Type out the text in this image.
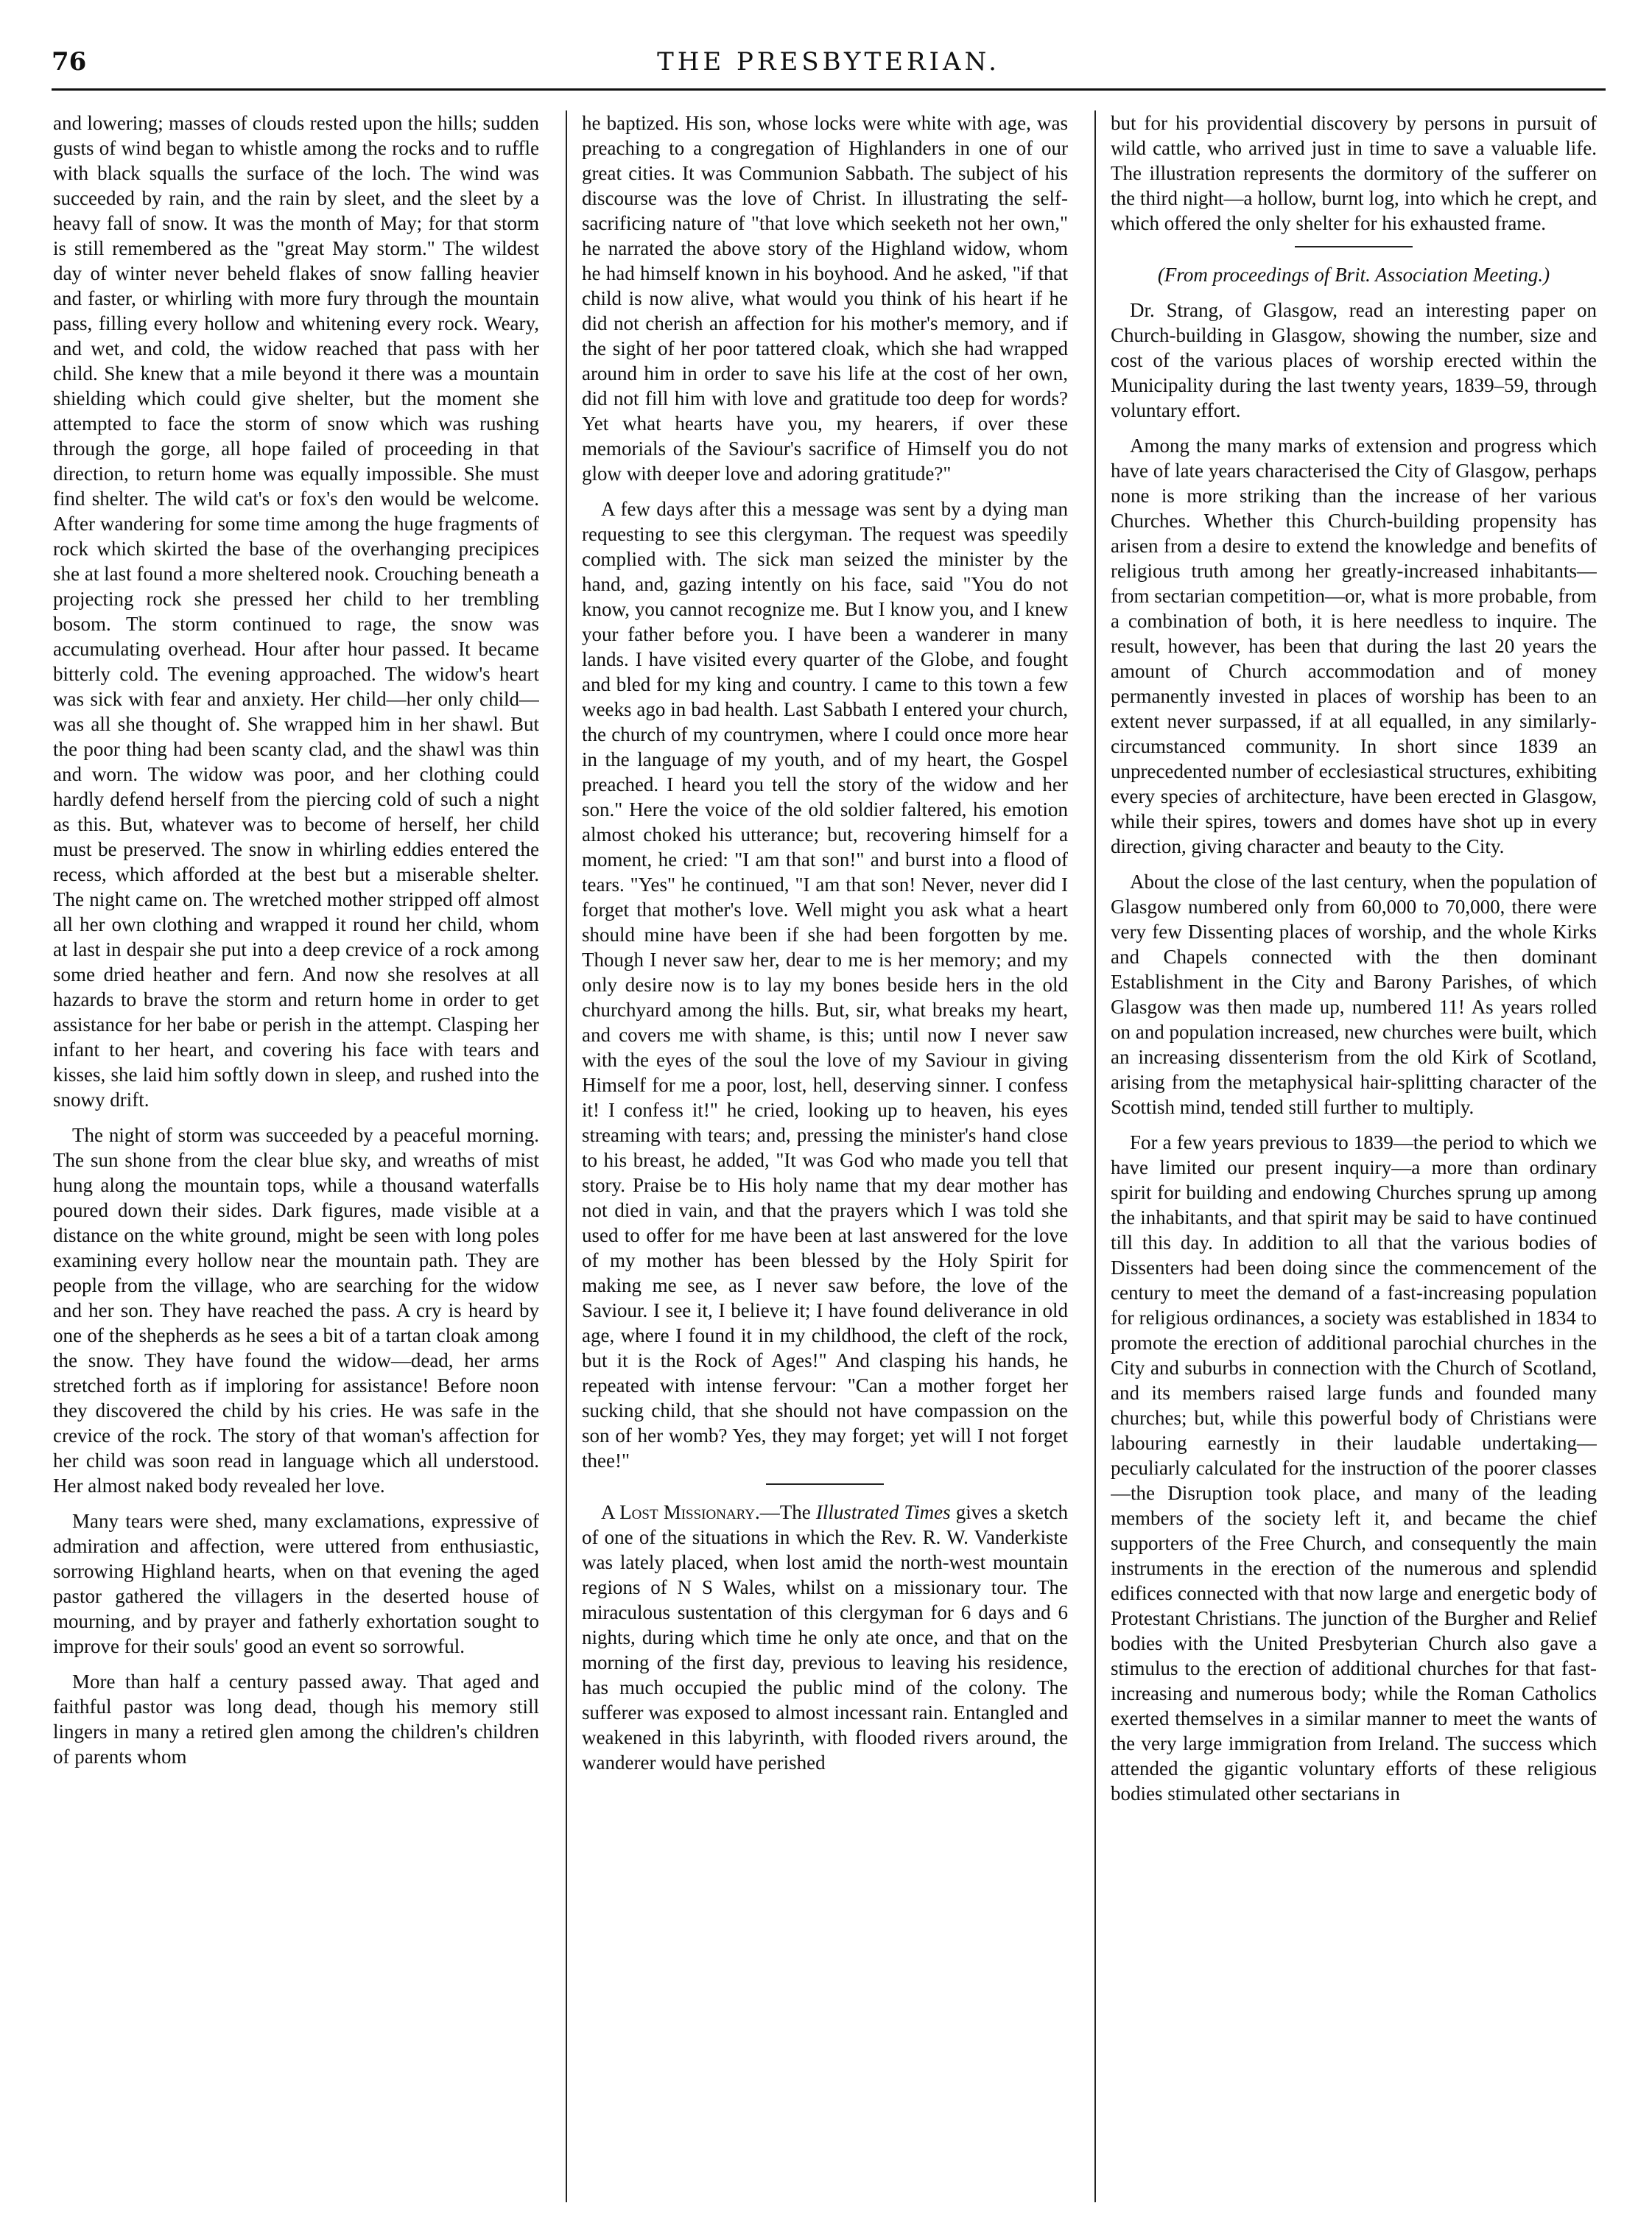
76	THE PRESBYTERIAN.

and lowering; masses of clouds rested upon the hills; sudden gusts of wind began to whistle among the rocks and to ruffle with black squalls the surface of the loch. The wind was succeeded by rain, and the rain by sleet, and the sleet by a heavy fall of snow. It was the month of May; for that storm is still remembered as the "great May storm." The wildest day of winter never beheld flakes of snow falling heavier and faster, or whirling with more fury through the mountain pass, filling every hollow and whitening every rock. Weary, and wet, and cold, the widow reached that pass with her child. She knew that a mile beyond it there was a mountain shielding which could give shelter, but the moment she attempted to face the storm of snow which was rushing through the gorge, all hope failed of proceeding in that direction, to return home was equally impossible. She must find shelter. The wild cat's or fox's den would be welcome. After wandering for some time among the huge fragments of rock which skirted the base of the overhanging precipices she at last found a more sheltered nook. Crouching beneath a projecting rock she pressed her child to her trembling bosom. The storm continued to rage, the snow was accumulating overhead. Hour after hour passed. It became bitterly cold. The evening approached. The widow's heart was sick with fear and anxiety. Her child—her only child—was all she thought of. She wrapped him in her shawl. But the poor thing had been scanty clad, and the shawl was thin and worn. The widow was poor, and her clothing could hardly defend herself from the piercing cold of such a night as this. But, whatever was to become of herself, her child must be preserved. The snow in whirling eddies entered the recess, which afforded at the best but a miserable shelter. The night came on. The wretched mother stripped off almost all her own clothing and wrapped it round her child, whom at last in despair she put into a deep crevice of a rock among some dried heather and fern. And now she resolves at all hazards to brave the storm and return home in order to get assistance for her babe or perish in the attempt. Clasping her infant to her heart, and covering his face with tears and kisses, she laid him softly down in sleep, and rushed into the snowy drift.

The night of storm was succeeded by a peaceful morning. The sun shone from the clear blue sky, and wreaths of mist hung along the mountain tops, while a thousand waterfalls poured down their sides. Dark figures, made visible at a distance on the white ground, might be seen with long poles examining every hollow near the mountain path. They are people from the village, who are searching for the widow and her son. They have reached the pass. A cry is heard by one of the shepherds as he sees a bit of a tartan cloak among the snow. They have found the widow—dead, her arms stretched forth as if imploring for assistance! Before noon they discovered the child by his cries. He was safe in the crevice of the rock. The story of that woman's affection for her child was soon read in language which all understood. Her almost naked body revealed her love.

Many tears were shed, many exclamations, expressive of admiration and affection, were uttered from enthusiastic, sorrowing Highland hearts, when on that evening the aged pastor gathered the villagers in the deserted house of mourning, and by prayer and fatherly exhortation sought to improve for their souls' good an event so sorrowful.

More than half a century passed away. That aged and faithful pastor was long dead, though his memory still lingers in many a retired glen among the children's children of parents whom

he baptized. His son, whose locks were white with age, was preaching to a congregation of Highlanders in one of our great cities. It was Communion Sabbath. The subject of his discourse was the love of Christ. In illustrating the self-sacrificing nature of "that love which seeketh not her own," he narrated the above story of the Highland widow, whom he had himself known in his boyhood. And he asked, "if that child is now alive, what would you think of his heart if he did not cherish an affection for his mother's memory, and if the sight of her poor tattered cloak, which she had wrapped around him in order to save his life at the cost of her own, did not fill him with love and gratitude too deep for words? Yet what hearts have you, my hearers, if over these memorials of the Saviour's sacrifice of Himself you do not glow with deeper love and adoring gratitude?"

A few days after this a message was sent by a dying man requesting to see this clergyman. The request was speedily complied with. The sick man seized the minister by the hand, and, gazing intently on his face, said "You do not know, you cannot recognize me. But I know you, and I knew your father before you. I have been a wanderer in many lands. I have visited every quarter of the Globe, and fought and bled for my king and country. I came to this town a few weeks ago in bad health. Last Sabbath I entered your church, the church of my countrymen, where I could once more hear in the language of my youth, and of my heart, the Gospel preached. I heard you tell the story of the widow and her son." Here the voice of the old soldier faltered, his emotion almost choked his utterance; but, recovering himself for a moment, he cried: "I am that son!" and burst into a flood of tears. "Yes" he continued, "I am that son! Never, never did I forget that mother's love. Well might you ask what a heart should mine have been if she had been forgotten by me. Though I never saw her, dear to me is her memory; and my only desire now is to lay my bones beside hers in the old churchyard among the hills. But, sir, what breaks my heart, and covers me with shame, is this; until now I never saw with the eyes of the soul the love of my Saviour in giving Himself for me a poor, lost, hell, deserving sinner. I confess it! I confess it!" he cried, looking up to heaven, his eyes streaming with tears; and, pressing the minister's hand close to his breast, he added, "It was God who made you tell that story. Praise be to His holy name that my dear mother has not died in vain, and that the prayers which I was told she used to offer for me have been at last answered for the love of my mother has been blessed by the Holy Spirit for making me see, as I never saw before, the love of the Saviour. I see it, I believe it; I have found deliverance in old age, where I found it in my childhood, the cleft of the rock, but it is the Rock of Ages!" And clasping his hands, he repeated with intense fervour: "Can a mother forget her sucking child, that she should not have compassion on the son of her womb? Yes, they may forget; yet will I not forget thee!"

A Lost Missionary.—The Illustrated Times gives a sketch of one of the situations in which the Rev. R. W. Vanderkiste was lately placed, when lost amid the north-west mountain regions of N S Wales, whilst on a missionary tour. The miraculous sustentation of this clergyman for 6 days and 6 nights, during which time he only ate once, and that on the morning of the first day, previous to leaving his residence, has much occupied the public mind of the colony. The sufferer was exposed to almost incessant rain. Entangled and weakened in this labyrinth, with flooded rivers around, the wanderer would have perished

but for his providential discovery by persons in pursuit of wild cattle, who arrived just in time to save a valuable life. The illustration represents the dormitory of the sufferer on the third night—a hollow, burnt log, into which he crept, and which offered the only shelter for his exhausted frame.

(From proceedings of Brit. Association Meeting.)

Dr. Strang, of Glasgow, read an interesting paper on Church-building in Glasgow, showing the number, size and cost of the various places of worship erected within the Municipality during the last twenty years, 1839–59, through voluntary effort.

Among the many marks of extension and progress which have of late years characterised the City of Glasgow, perhaps none is more striking than the increase of her various Churches. Whether this Church-building propensity has arisen from a desire to extend the knowledge and benefits of religious truth among her greatly-increased inhabitants—from sectarian competition—or, what is more probable, from a combination of both, it is here needless to inquire. The result, however, has been that during the last 20 years the amount of Church accommodation and of money permanently invested in places of worship has been to an extent never surpassed, if at all equalled, in any similarly-circumstanced community. In short since 1839 an unprecedented number of ecclesiastical structures, exhibiting every species of architecture, have been erected in Glasgow, while their spires, towers and domes have shot up in every direction, giving character and beauty to the City.

About the close of the last century, when the population of Glasgow numbered only from 60,000 to 70,000, there were very few Dissenting places of worship, and the whole Kirks and Chapels connected with the then dominant Establishment in the City and Barony Parishes, of which Glasgow was then made up, numbered 11! As years rolled on and population increased, new churches were built, which an increasing dissenterism from the old Kirk of Scotland, arising from the metaphysical hair-splitting character of the Scottish mind, tended still further to multiply.

For a few years previous to 1839—the period to which we have limited our present inquiry—a more than ordinary spirit for building and endowing Churches sprung up among the inhabitants, and that spirit may be said to have continued till this day. In addition to all that the various bodies of Dissenters had been doing since the commencement of the century to meet the demand of a fast-increasing population for religious ordinances, a society was established in 1834 to promote the erection of additional parochial churches in the City and suburbs in connection with the Church of Scotland, and its members raised large funds and founded many churches; but, while this powerful body of Christians were labouring earnestly in their laudable undertaking—peculiarly calculated for the instruction of the poorer classes—the Disruption took place, and many of the leading members of the society left it, and became the chief supporters of the Free Church, and consequently the main instruments in the erection of the numerous and splendid edifices connected with that now large and energetic body of Protestant Christians. The junction of the Burgher and Relief bodies with the United Presbyterian Church also gave a stimulus to the erection of additional churches for that fast-increasing and numerous body; while the Roman Catholics exerted themselves in a similar manner to meet the wants of the very large immigration from Ireland. The success which attended the gigantic voluntary efforts of these religious bodies stimulated other sectarians in
